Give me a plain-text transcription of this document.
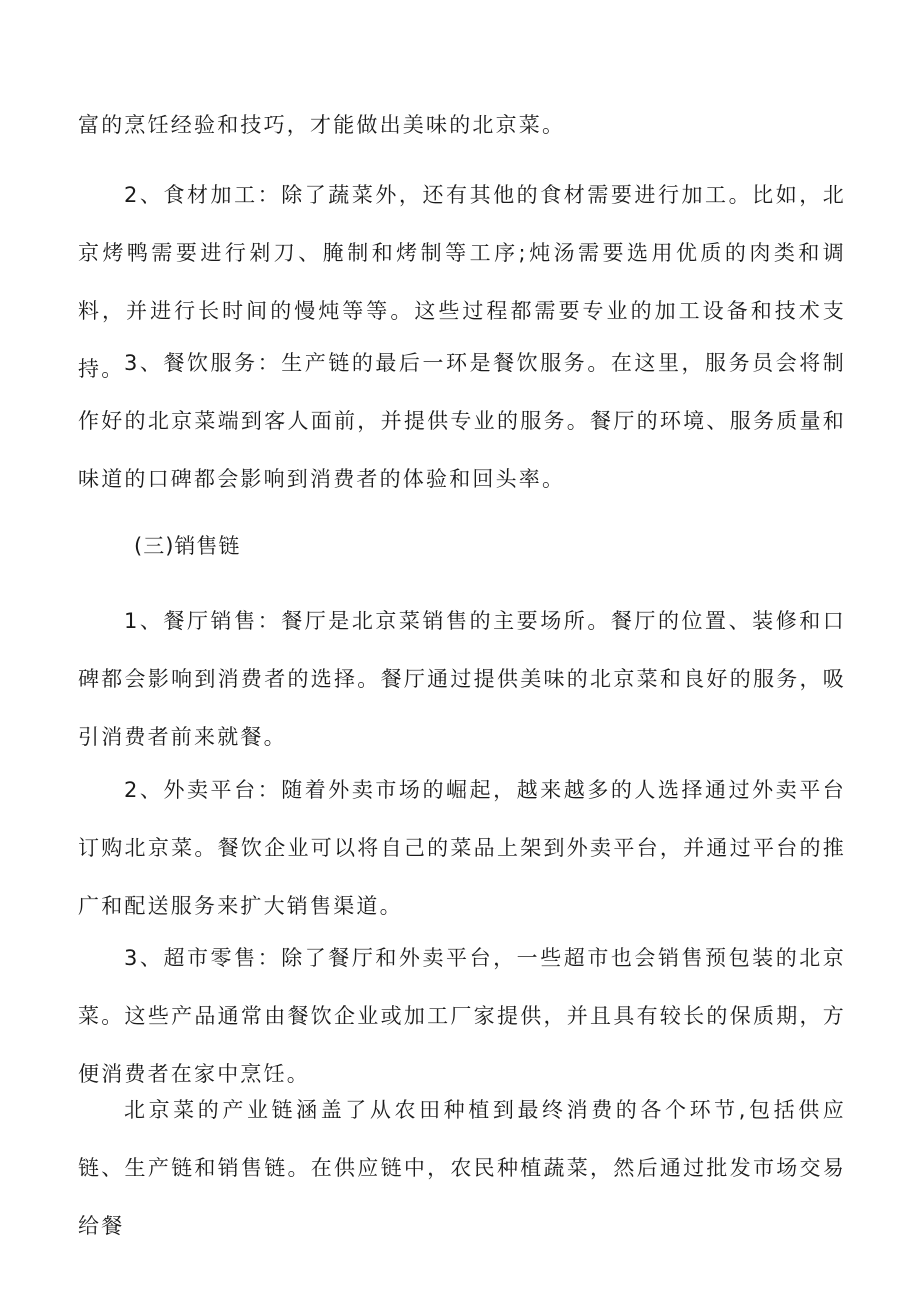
富的烹饪经验和技巧，才能做出美味的北京菜。

2、食材加工：除了蔬菜外，还有其他的食材需要进行加工。比如，北京烤鸭需要进行剁刀、腌制和烤制等工序;炖汤需要选用优质的肉类和调料，并进行长时间的慢炖等等。这些过程都需要专业的加工设备和技术支持。 3、餐饮服务：生产链的最后一环是餐饮服务。在这里，服务员会将制作好的北京菜端到客人面前，并提供专业的服务。餐厅的环境、服务质量和味道的口碑都会影响到消费者的体验和回头率。

(三)销售链

1、餐厅销售：餐厅是北京菜销售的主要场所。餐厅的位置、装修和口碑都会影响到消费者的选择。餐厅通过提供美味的北京菜和良好的服务，吸引消费者前来就餐。

2、外卖平台：随着外卖市场的崛起，越来越多的人选择通过外卖平台订购北京菜。餐饮企业可以将自己的菜品上架到外卖平台，并通过平台的推广和配送服务来扩大销售渠道。

3、超市零售：除了餐厅和外卖平台，一些超市也会销售预包装的北京菜。这些产品通常由餐饮企业或加工厂家提供，并且具有较长的保质期，方便消费者在家中烹饪。

北京菜的产业链涵盖了从农田种植到最终消费的各个环节,包括供应链、生产链和销售链。在供应链中，农民种植蔬菜，然后通过批发市场交易给餐
